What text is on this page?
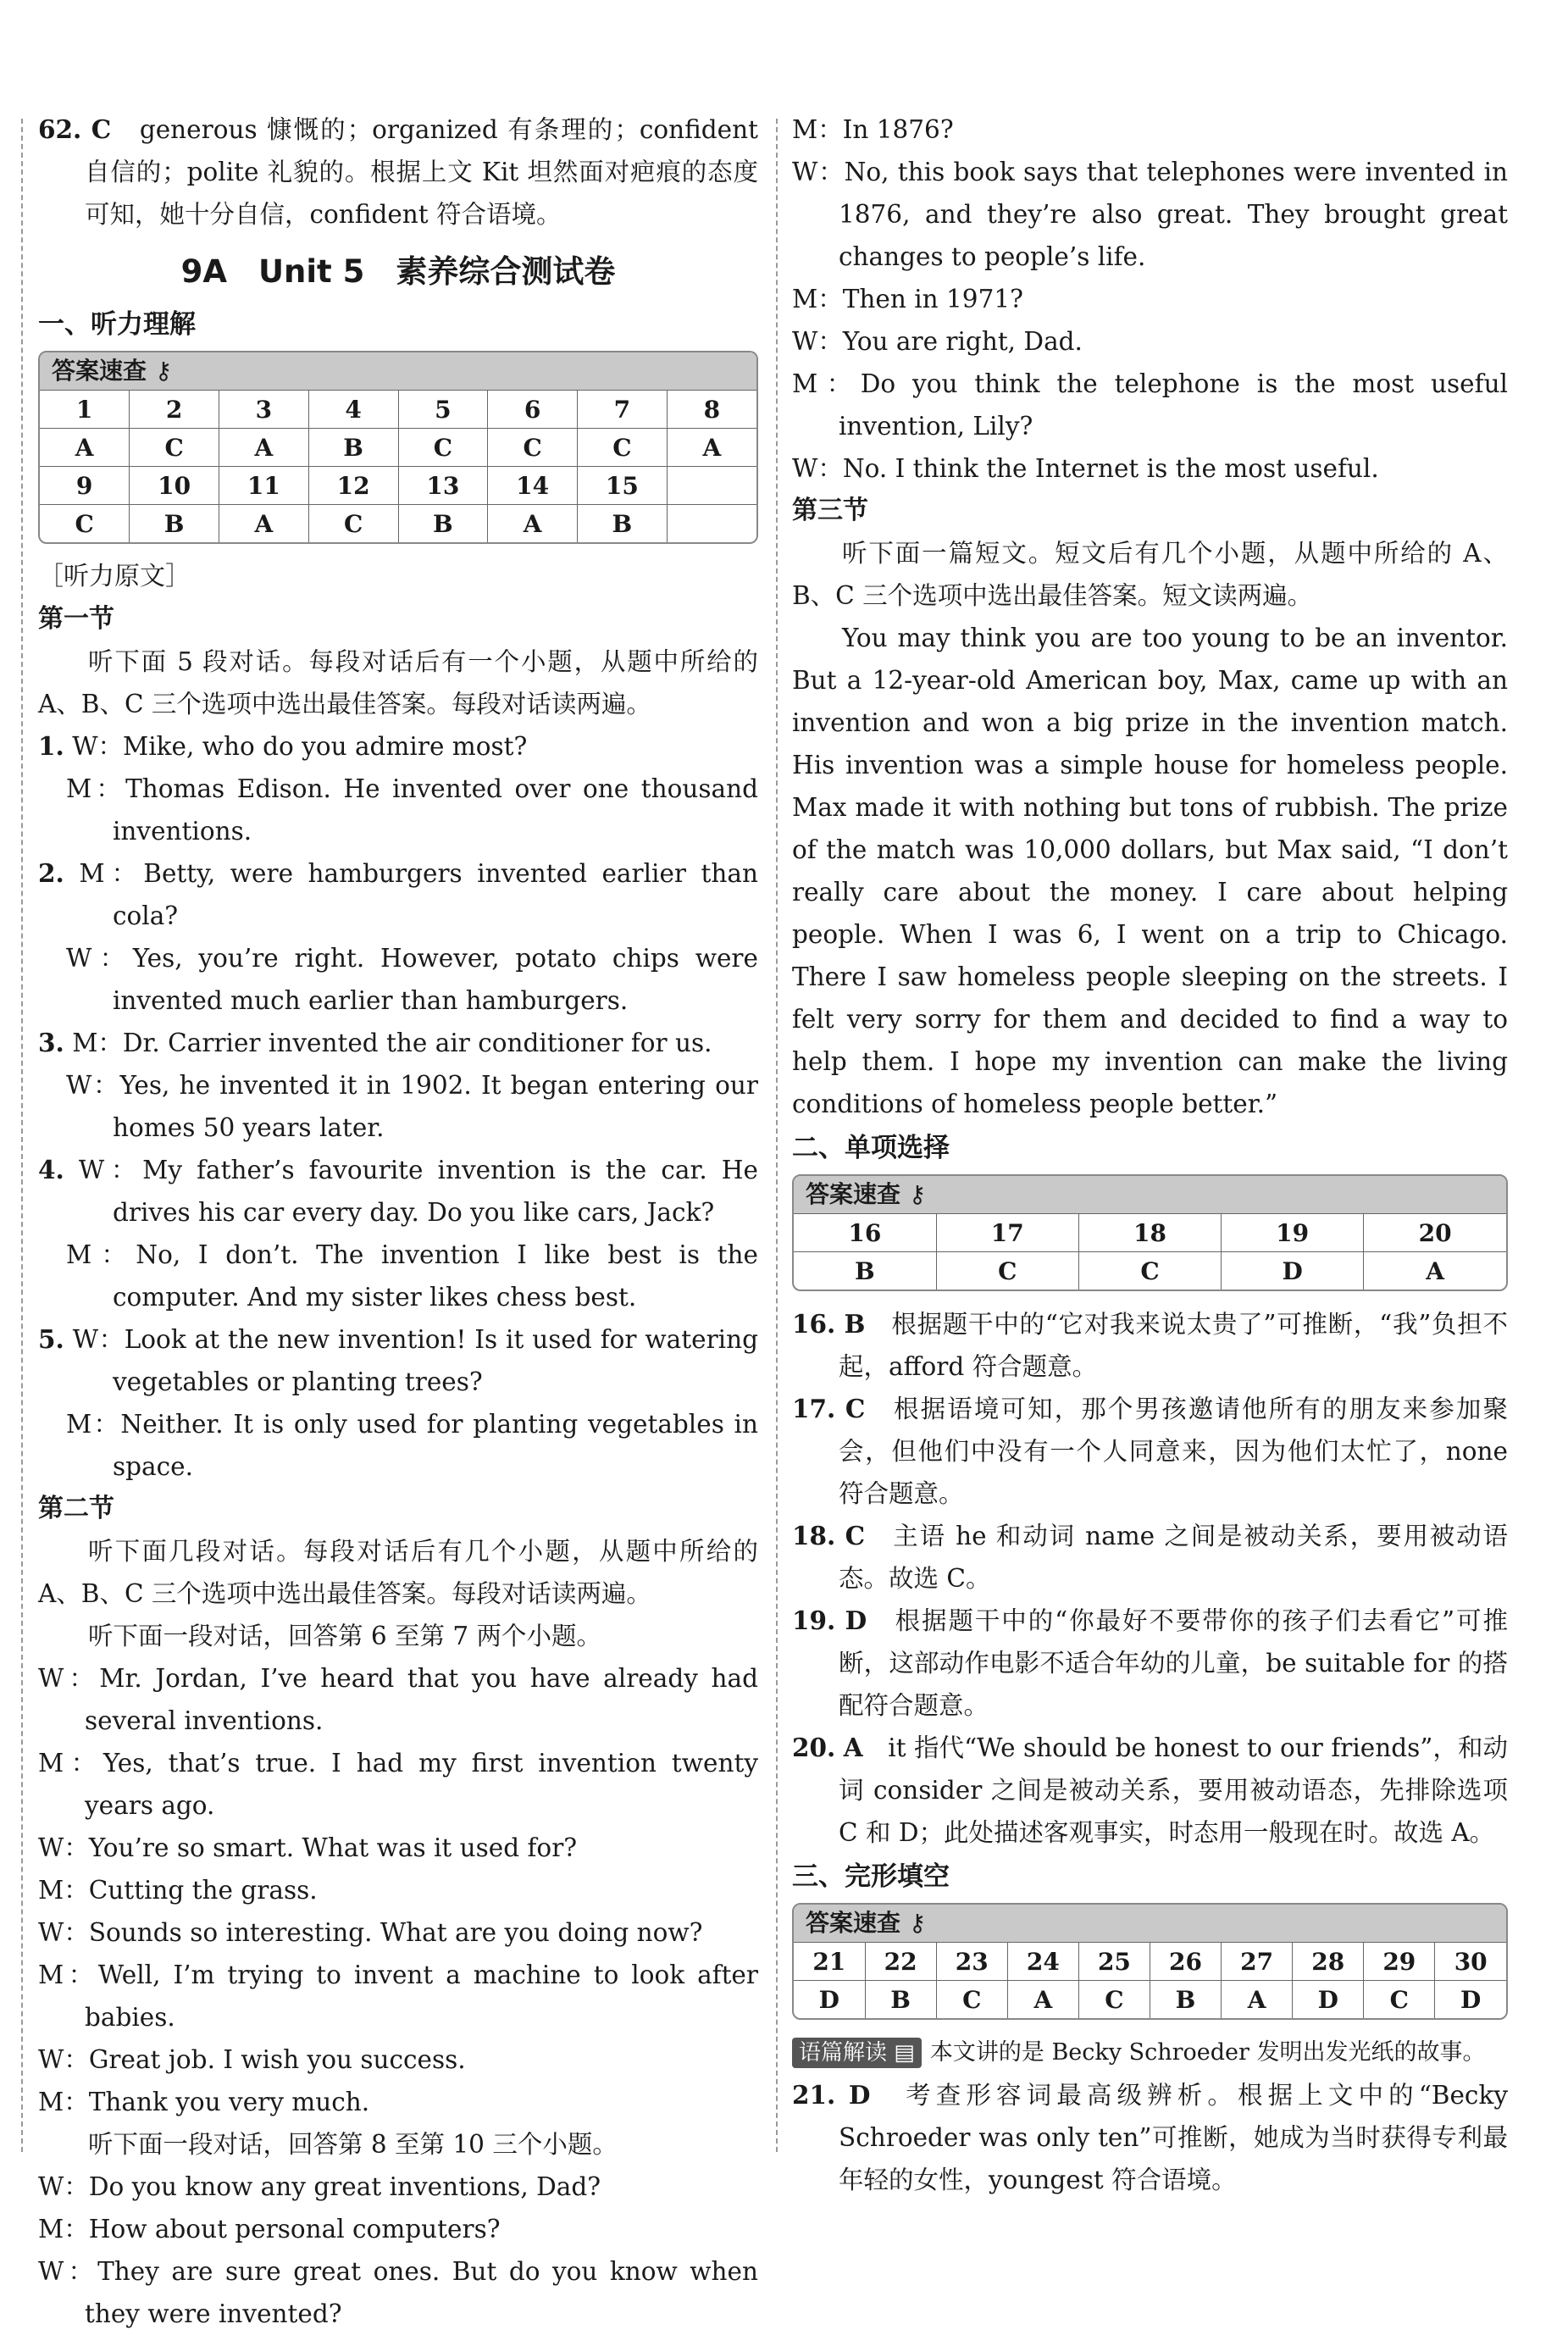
62. C　 generous 慷慨的；organized 有条理的；confident 自信的；polite 礼貌的。根据上文 Kit 坦然面对疤痕的态度可知，她十分自信，confident 符合语境。

9A　Unit 5　素养综合测试卷
一、听力理解
答案速查 ⚷
1	2	3	4	5	6	7	8
A	C	A	B	C	C	C	A
9	10	11	12	13	14	15	
C	B	A	C	B	A	B	

［听力原文］

第一节

听下面 5 段对话。每段对话后有一个小题，从题中所给的 A、B、C 三个选项中选出最佳答案。每段对话读两遍。

1. W：Mike, who do you admire most?

M：Thomas Edison. He invented over one thousand inventions.

2. M：Betty, were hamburgers invented earlier than cola?

W：Yes, you’re right. However, potato chips were invented much earlier than hamburgers.

3. M：Dr. Carrier invented the air conditioner for us.

W：Yes, he invented it in 1902. It began entering our homes 50 years later.

4. W：My father’s favourite invention is the car. He drives his car every day. Do you like cars, Jack?

M：No, I don’t. The invention I like best is the computer. And my sister likes chess best.

5. W：Look at the new invention! Is it used for watering vegetables or planting trees?

M：Neither. It is only used for planting vegetables in space.

第二节

听下面几段对话。每段对话后有几个小题，从题中所给的 A、B、C 三个选项中选出最佳答案。每段对话读两遍。

听下面一段对话，回答第 6 至第 7 两个小题。

W：Mr. Jordan, I’ve heard that you have already had several inventions.

M：Yes, that’s true. I had my first invention twenty years ago.

W：You’re so smart. What was it used for?

M：Cutting the grass.

W：Sounds so interesting. What are you doing now?

M：Well, I’m trying to invent a machine to look after babies.

W：Great job. I wish you success.

M：Thank you very much.

听下面一段对话，回答第 8 至第 10 三个小题。

W：Do you know any great inventions, Dad?

M：How about personal computers?

W：They are sure great ones. But do you know when they were invented?

M：In 1876?

W：No, this book says that telephones were invented in 1876, and they’re also great. They brought great changes to people’s life.

M：Then in 1971?

W：You are right, Dad.

M：Do you think the telephone is the most useful invention, Lily?

W：No. I think the Internet is the most useful.

第三节

听下面一篇短文。短文后有几个小题，从题中所给的 A、B、C 三个选项中选出最佳答案。短文读两遍。

You may think you are too young to be an inventor. But a 12-year-old American boy, Max, came up with an invention and won a big prize in the invention match. His invention was a simple house for homeless people. Max made it with nothing but tons of rubbish. The prize of the match was 10,000 dollars, but Max said, “I don’t really care about the money. I care about helping people. When I was 6, I went on a trip to Chicago. There I saw homeless people sleeping on the streets. I felt very sorry for them and decided to find a way to help them. I hope my invention can make the living conditions of homeless people better.”

二、单项选择
答案速查 ⚷
16	17	18	19	20
B	C	C	D	A

16. B　 根据题干中的“它对我来说太贵了”可推断，“我”负担不起，afford 符合题意。

17. C　 根据语境可知，那个男孩邀请他所有的朋友来参加聚会，但他们中没有一个人同意来，因为他们太忙了，none 符合题意。

18. C　 主语 he 和动词 name 之间是被动关系，要用被动语态。故选 C。

19. D　 根据题干中的“你最好不要带你的孩子们去看它”可推断，这部动作电影不适合年幼的儿童，be suitable for 的搭配符合题意。

20. A　 it 指代“We should be honest to our friends”，和动词 consider 之间是被动关系，要用被动语态，先排除选项 C 和 D；此处描述客观事实，时态用一般现在时。故选 A。

三、完形填空
答案速查 ⚷
21	22	23	24	25	26	27	28	29	30
D	B	C	A	C	B	A	D	C	D

语篇解读 ▤ 本文讲的是 Becky Schroeder 发明出发光纸的故事。

21. D　 考查形容词最高级辨析。根据上文中的“Becky Schroeder was only ten”可推断，她成为当时获得专利最年轻的女性，youngest 符合语境。
